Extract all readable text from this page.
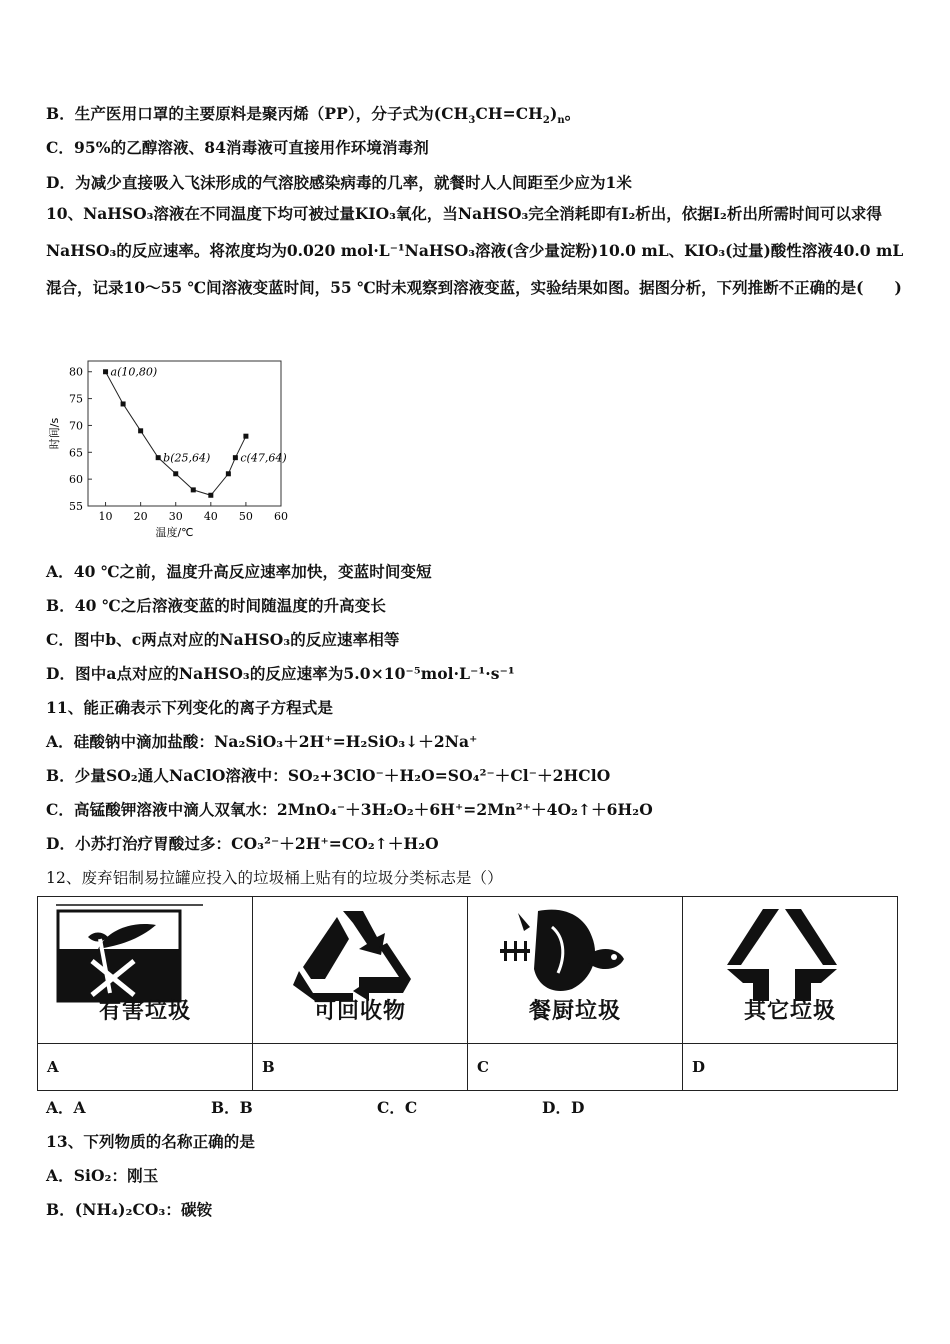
B．生产医用口罩的主要原料是聚丙烯（PP），分子式为$(CH_3CH=CH_2)_n$。
C．95%的乙醇溶液、84消毒液可直接用作环境消毒剂
D．为减少直接吸入飞沫形成的气溶胶感染病毒的几率，就餐时人人间距至少应为1米
10、NaHSO₃溶液在不同温度下均可被过量KIO₃氧化，当NaHSO₃完全消耗即有I₂析出，依据I₂析出所需时间可以求得NaHSO₃的反应速率。将浓度均为0.020 mol·L⁻¹NaHSO₃溶液(含少量淀粉)10.0 mL、KIO₃(过量)酸性溶液40.0 mL混合，记录10～55 ℃间溶液变蓝时间，55 ℃时未观察到溶液变蓝，实验结果如图。据图分析，下列推断不正确的是(　　)
10 20 30 40 50 60
55
60
65
70
75
80
温度/℃
时间/s
a(10,80)
b(25,64)	c(47,64)
A．40 ℃之前，温度升高反应速率加快，变蓝时间变短
B．40 ℃之后溶液变蓝的时间随温度的升高变长
C．图中b、c两点对应的NaHSO₃的反应速率相等
D．图中a点对应的NaHSO₃的反应速率为5.0×10⁻⁵mol·L⁻¹·s⁻¹
11、能正确表示下列变化的离子方程式是
A．硅酸钠中滴加盐酸：Na₂SiO₃＋2H⁺=H₂SiO₃↓＋2Na⁺
B．少量SO₂通人NaClO溶液中：SO₂+3ClO⁻＋H₂O=SO₄²⁻＋Cl⁻＋2HClO
C．高锰酸钾溶液中滴人双氧水：2MnO₄⁻＋3H₂O₂＋6H⁺=2Mn²⁺＋4O₂↑＋6H₂O
D．小苏打治疗胃酸过多：CO₃²⁻＋2H⁺=CO₂↑＋H₂O
12、废弃铝制易拉罐应投入的垃圾桶上贴有的垃圾分类标志是（）
有害垃圾	可回收物	餐厨垃圾	其它垃圾

A	B	C	D
A．A	B．B	C．C	D．D
13、下列物质的名称正确的是
A．SiO₂：刚玉
B．(NH₄)₂CO₃：碳铵
